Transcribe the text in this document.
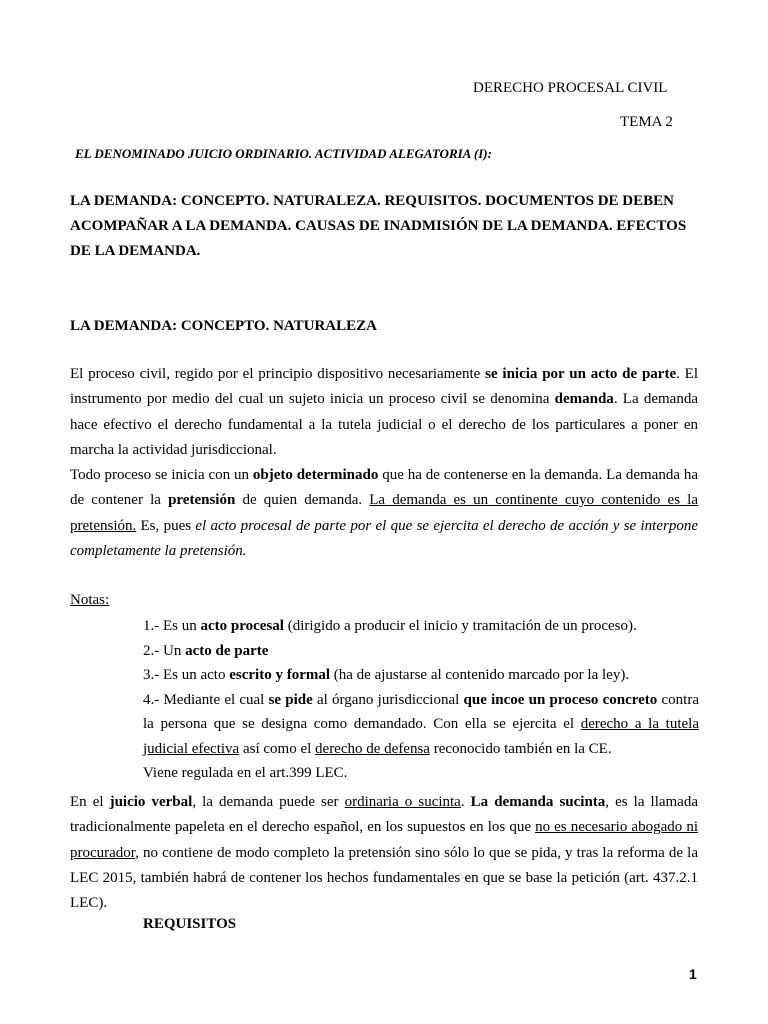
DERECHO PROCESAL CIVIL
TEMA 2
EL DENOMINADO JUICIO ORDINARIO. ACTIVIDAD ALEGATORIA (I):
LA DEMANDA: CONCEPTO. NATURALEZA. REQUISITOS. DOCUMENTOS DE DEBEN ACOMPAÑAR A LA DEMANDA. CAUSAS DE INADMISIÓN DE LA DEMANDA. EFECTOS DE LA DEMANDA.
LA DEMANDA: CONCEPTO. NATURALEZA

El proceso civil, regido por el principio dispositivo necesariamente se inicia por un acto de parte. El instrumento por medio del cual un sujeto inicia un proceso civil se denomina demanda. La demanda hace efectivo el derecho fundamental a la tutela judicial o el derecho de los particulares a poner en marcha la actividad jurisdiccional.

Todo proceso se inicia con un objeto determinado que ha de contenerse en la demanda. La demanda ha de contener la pretensión de quien demanda. La demanda es un continente cuyo contenido es la pretensión. Es, pues el acto procesal de parte por el que se ejercita el derecho de acción y se interpone completamente la pretensión.

Notas:

1.- Es un acto procesal (dirigido a producir el inicio y tramitación de un proceso).

2.- Un acto de parte

3.- Es un acto escrito y formal (ha de ajustarse al contenido marcado por la ley).

4.- Mediante el cual se pide al órgano jurisdiccional que incoe un proceso concreto contra la persona que se designa como demandado. Con ella se ejercita el derecho a la tutela judicial efectiva así como el derecho de defensa reconocido también en la CE.

Viene regulada en el art.399 LEC.

En el juicio verbal, la demanda puede ser ordinaria o sucinta. La demanda sucinta, es la llamada tradicionalmente papeleta en el derecho español, en los supuestos en los que no es necesario abogado ni procurador, no contiene de modo completo la pretensión sino sólo lo que se pida, y tras la reforma de la LEC 2015, también habrá de contener los hechos fundamentales en que se base la petición (art. 437.2.1 LEC).

REQUISITOS
1
